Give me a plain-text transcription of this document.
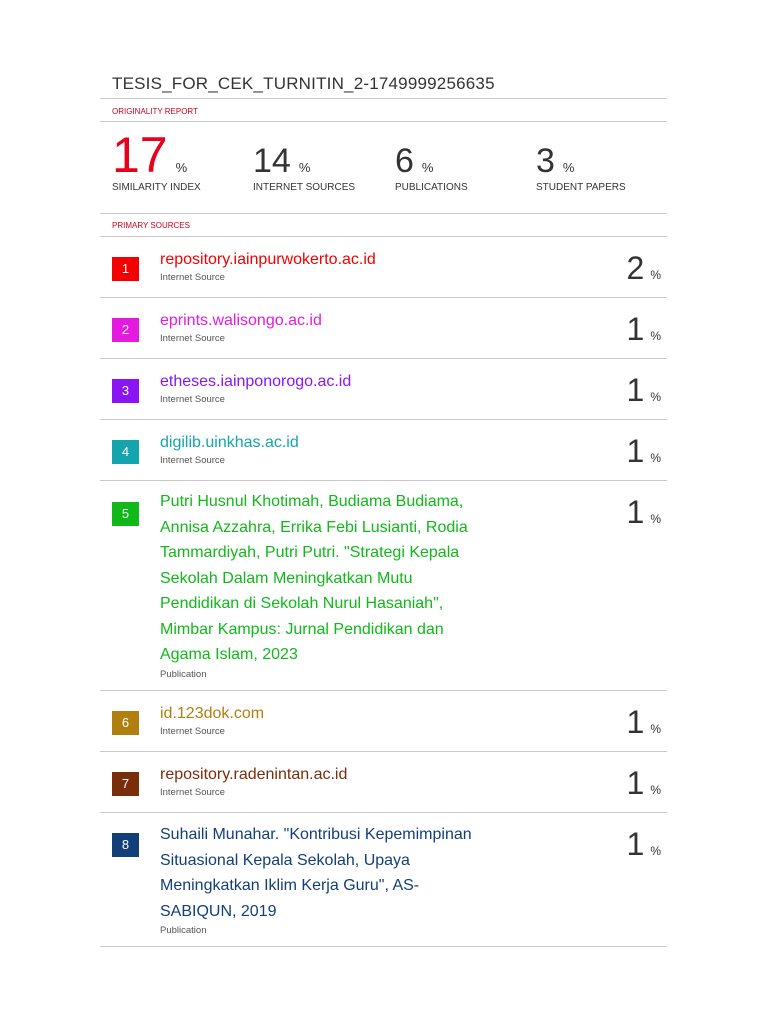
TESIS_FOR_CEK_TURNITIN_2-1749999256635
ORIGINALITY REPORT
17 %
SIMILARITY INDEX
14 %
INTERNET SOURCES
6 %
PUBLICATIONS
3 %
STUDENT PAPERS
PRIMARY SOURCES
1
repository.iainpurwokerto.ac.id
Internet Source	2 %
2
eprints.walisongo.ac.id
Internet Source	1 %
3
etheses.iainponorogo.ac.id
Internet Source	1 %
4
digilib.uinkhas.ac.id
Internet Source	1 %
5
Putri Husnul Khotimah, Budiama Budiama, Annisa Azzahra, Errika Febi Lusianti, Rodia Tammardiyah, Putri Putri. "Strategi Kepala Sekolah Dalam Meningkatkan Mutu Pendidikan di Sekolah Nurul Hasaniah", Mimbar Kampus: Jurnal Pendidikan dan Agama Islam, 2023
Publication
1 %
6
id.123dok.com
Internet Source	1 %
7
repository.radenintan.ac.id
Internet Source	1 %
8
Suhaili Munahar. "Kontribusi Kepemimpinan Situasional Kepala Sekolah, Upaya Meningkatkan Iklim Kerja Guru", AS-SABIQUN, 2019
Publication
1 %
